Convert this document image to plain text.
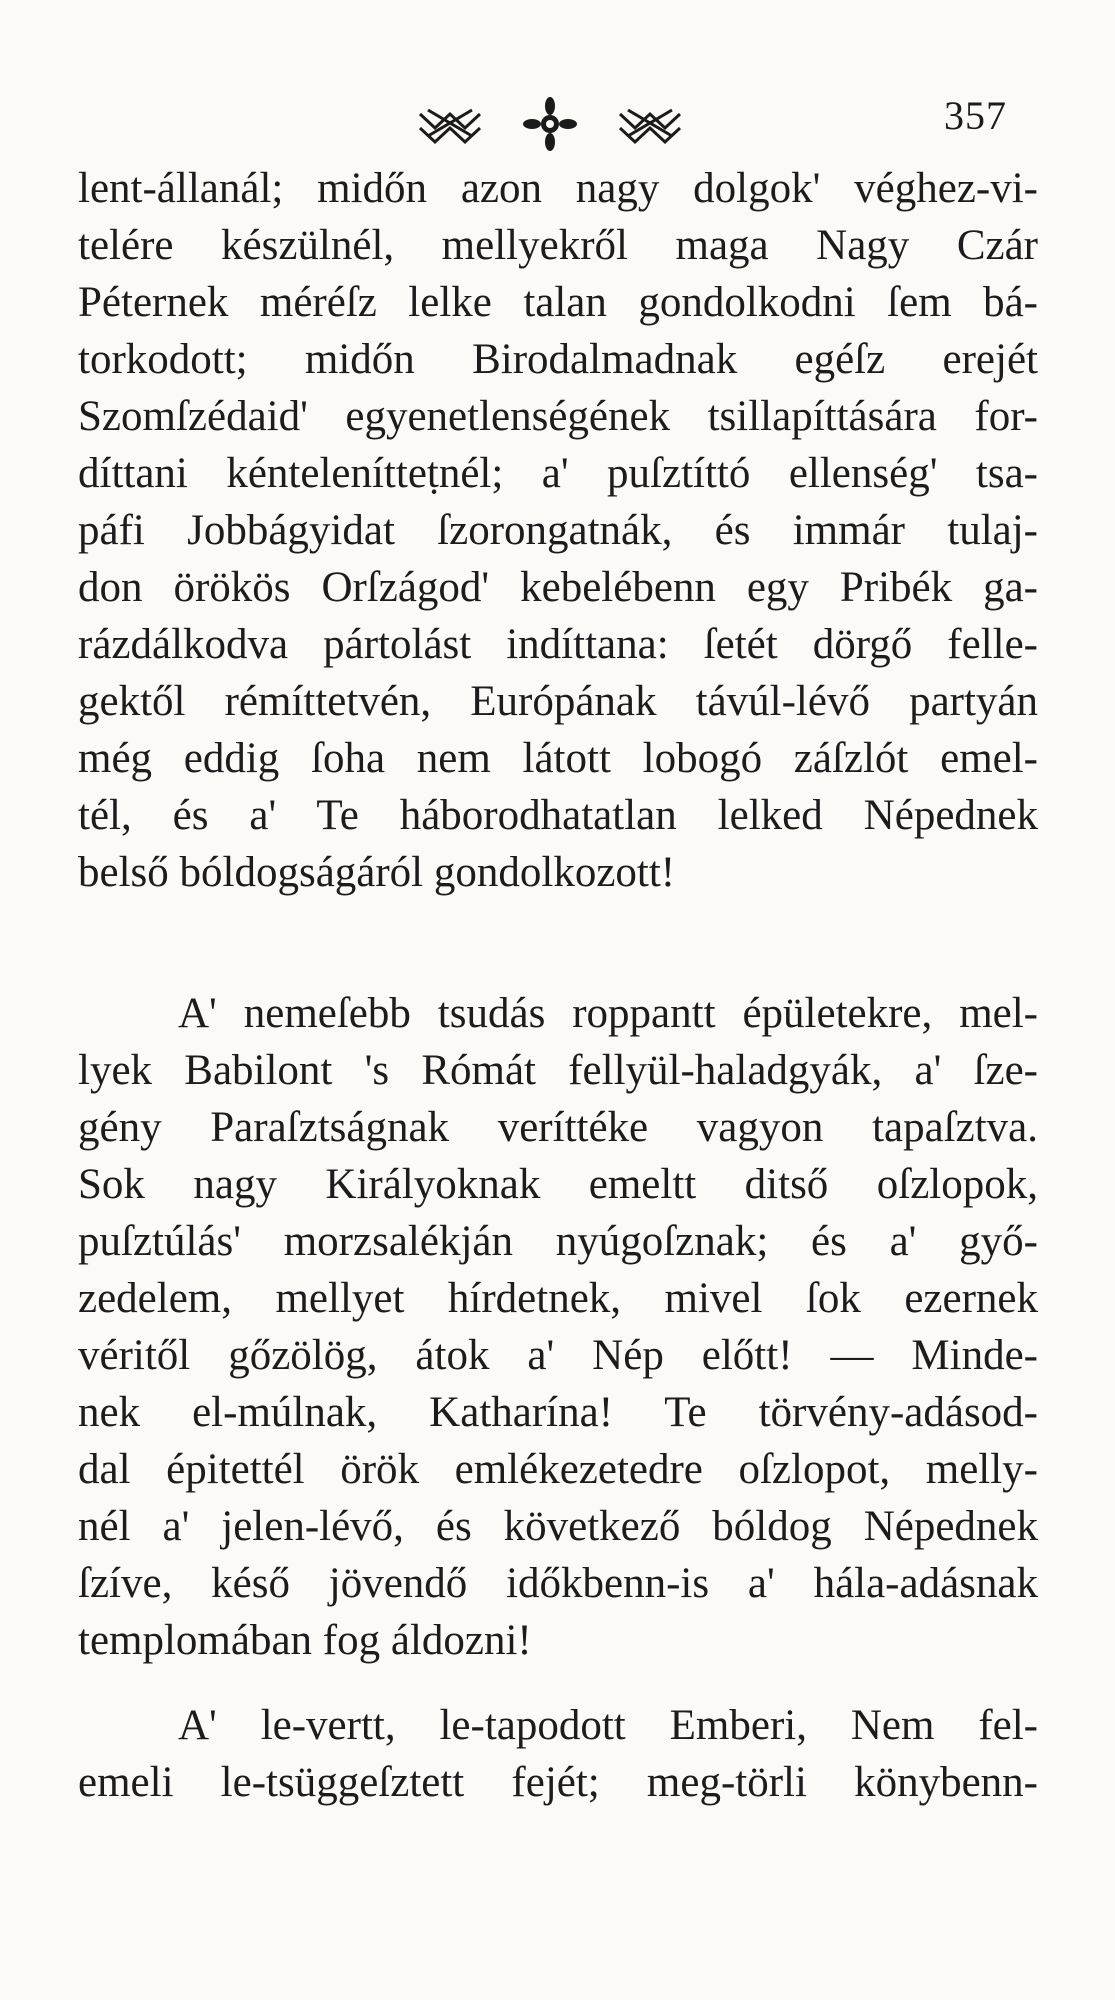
357
lent-állanál; midőn azon nagy dolgok' véghez-vi-
telére készülnél, mellyekről maga Nagy Czár
Péternek méréſz lelke talan gondolkodni ſem bá-
torkodott; midőn Birodalmadnak egéſz erejét
Szomſzédaid' egyenetlenségének tsillapíttására for-
díttani kéntelenítteṭnél; a' puſztíttó ellenség' tsa-
páfi Jobbágyidat ſzorongatnák, és immár tulaj-
don örökös Orſzágod' kebelébenn egy Pribék ga-
rázdálkodva pártolást indíttana: ſetét dörgő felle-
gektől rémíttetvén, Európának távúl-lévő partyán
még eddig ſoha nem látott lobogó záſzlót emel-
tél, és a' Te háborodhatatlan lelked Népednek
belső bóldogságáról gondolkozott!
A' nemeſebb tsudás roppantt épületekre, mel-
lyek Babilont 's Rómát fellyül-haladgyák, a' ſze-
gény Paraſztságnak veríttéke vagyon tapaſztva.
Sok nagy Királyoknak emeltt ditső oſzlopok,
puſztúlás' morzsalékján nyúgoſznak; és a' győ-
zedelem, mellyet hírdetnek, mivel ſok ezernek
véritől gőzölög, átok a' Nép előtt! — Minde-
nek el-múlnak, Katharína! Te törvény-adásod-
dal épitettél örök emlékezetedre oſzlopot, melly-
nél a' jelen-lévő, és következő bóldog Népednek
ſzíve, késő jövendő időkbenn-is a' hála-adásnak
templomában fog áldozni!
A' le-vertt, le-tapodott Emberi, Nem fel-
emeli le-tsüggeſztett fejét; meg-törli könybenn-
